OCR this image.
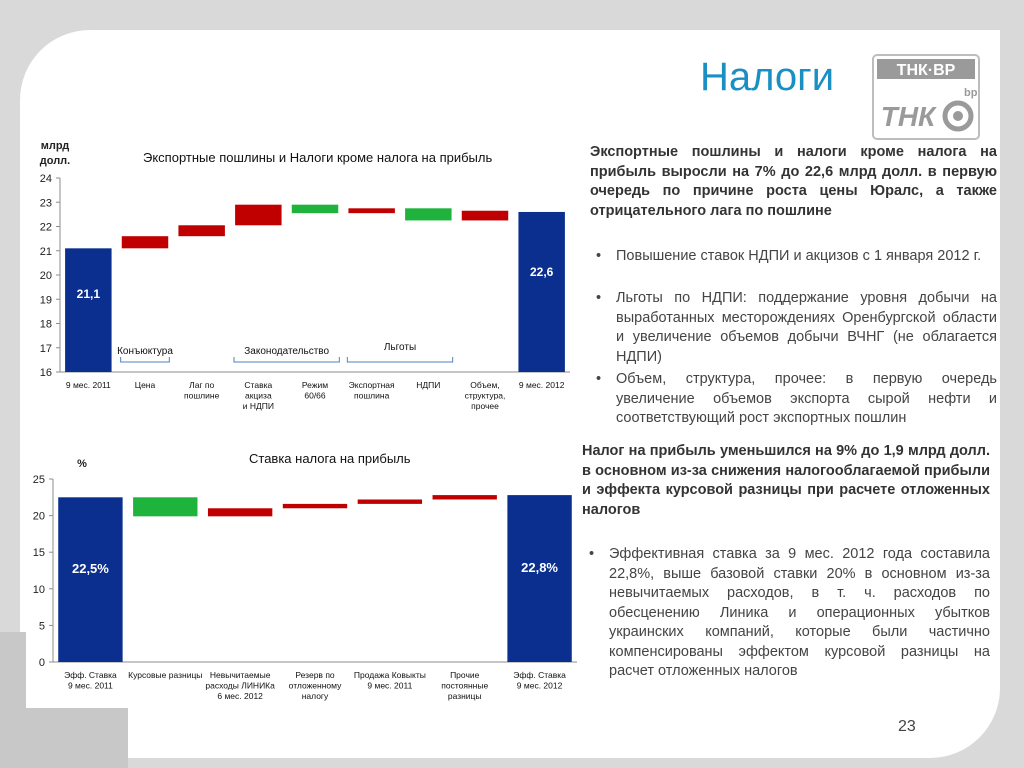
Налоги	ТНК·ВР
ТНК
bp
Экспортные пошлины и Налоги кроме налога на прибыль
млрд долл.
16
17
18
19
20
21
22
23
24
21,1
22,6
9 мес. 2011	Цена	Лаг по
пошлине
Ставка
акциза
и НДПИ
Режим
60/66
Экспортная
пошлина
НДПИ	Объем,
структура,
прочее
9 мес. 2012
Конъюктура	Законодательство	Льготы
Ставка налога на прибыль
%
0
5
10
15
20
25
22,5%	22,8%
Эфф. Ставка
9 мес. 2011
Курсовые разницы Невычитаемые
расходы ЛИНИКа
6 мес. 2012
Резерв по
отложенному
налогу
Продажа Ковыкты
9 мес. 2011
Прочие
постоянные
разницы
Эфф. Ставка
9 мес. 2012
Экспортные пошлины и налоги кроме налога на прибыль выросли на 7% до 22,6 млрд долл. в первую очередь по причине роста цены Юралс, а также отрицательного лага по пошлине
• Повышение ставок НДПИ и акцизов с 1 января 2012 г.
• Льготы по НДПИ: поддержание уровня добычи на выработанных месторождениях Оренбургской области и увеличение объемов добычи ВЧНГ (не облагается НДПИ)
• Объем, структура, прочее: в первую очередь увеличение объемов экспорта сырой нефти и соответствующий рост экспортных пошлин
Налог на прибыль уменьшился на 9% до 1,9 млрд долл. в основном из-за снижения налогооблагаемой прибыли и эффекта курсовой разницы при расчете отложенных налогов
• Эффективная ставка за 9 мес. 2012 года составила 22,8%, выше базовой ставки 20% в основном из-за невычитаемых расходов, в т. ч. расходов по обесценению Линика и операционных убытков украинских компаний, которые были частично компенсированы эффектом курсовой разницы на расчет отложенных налогов
23
